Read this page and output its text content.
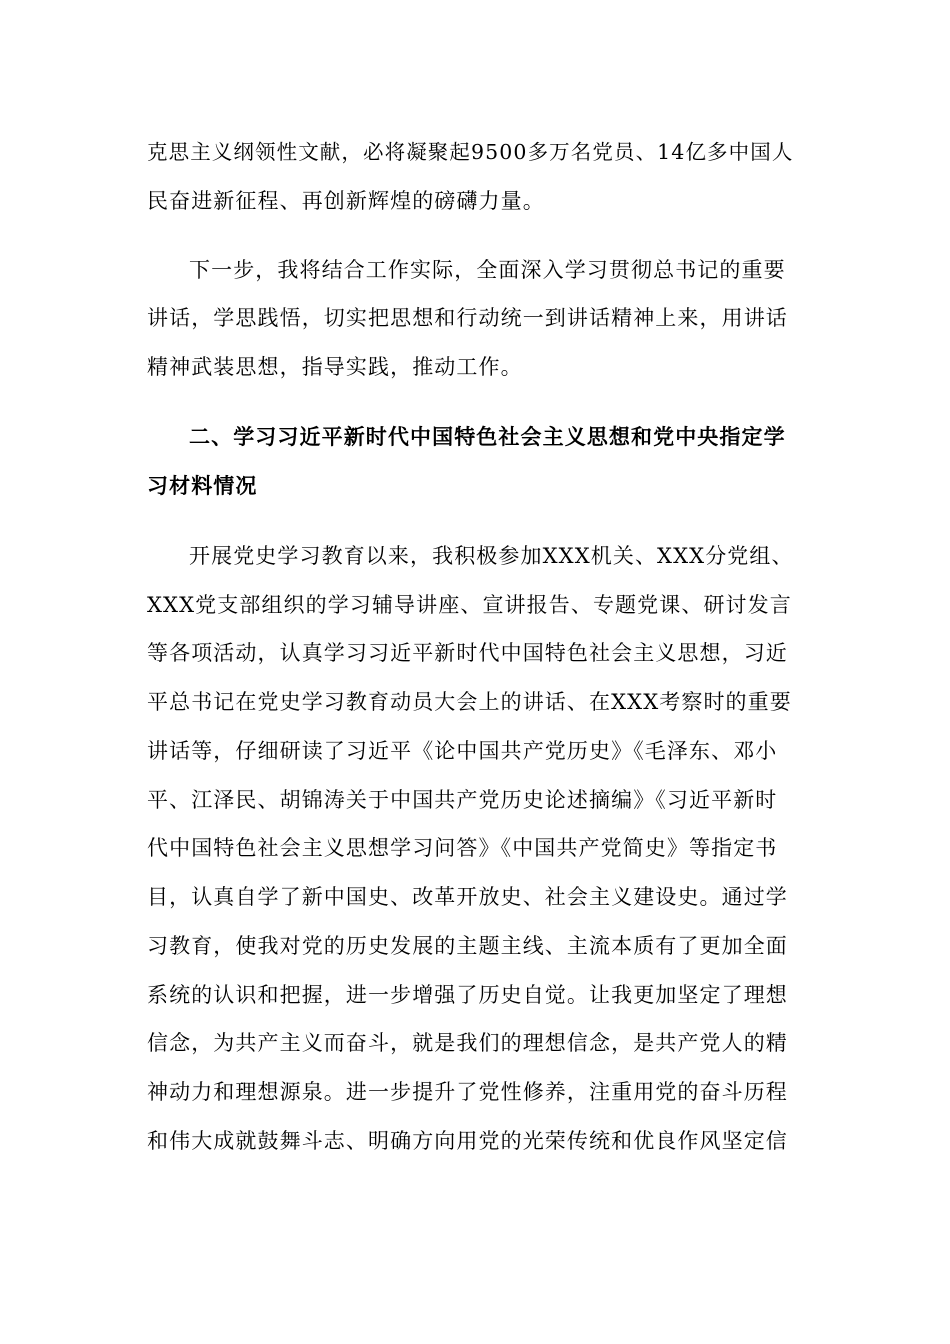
克思主义纲领性文献，必将凝聚起9500多万名党员、14亿多中国人
民奋进新征程、再创新辉煌的磅礴力量。
下一步，我将结合工作实际，全面深入学习贯彻总书记的重要
讲话，学思践悟，切实把思想和行动统一到讲话精神上来，用讲话
精神武装思想，指导实践，推动工作。
二、学习习近平新时代中国特色社会主义思想和党中央指定学
习材料情况
开展党史学习教育以来，我积极参加XXX机关、XXX分党组、
XXX党支部组织的学习辅导讲座、宣讲报告、专题党课、研讨发言
等各项活动，认真学习习近平新时代中国特色社会主义思想，习近
平总书记在党史学习教育动员大会上的讲话、在XXX考察时的重要
讲话等，仔细研读了习近平《论中国共产党历史》《毛泽东、邓小
平、江泽民、胡锦涛关于中国共产党历史论述摘编》《习近平新时
代中国特色社会主义思想学习问答》《中国共产党简史》等指定书
目，认真自学了新中国史、改革开放史、社会主义建设史。通过学
习教育，使我对党的历史发展的主题主线、主流本质有了更加全面
系统的认识和把握，进一步增强了历史自觉。让我更加坚定了理想
信念，为共产主义而奋斗，就是我们的理想信念，是共产党人的精
神动力和理想源泉。进一步提升了党性修养，注重用党的奋斗历程
和伟大成就鼓舞斗志、明确方向用党的光荣传统和优良作风坚定信
